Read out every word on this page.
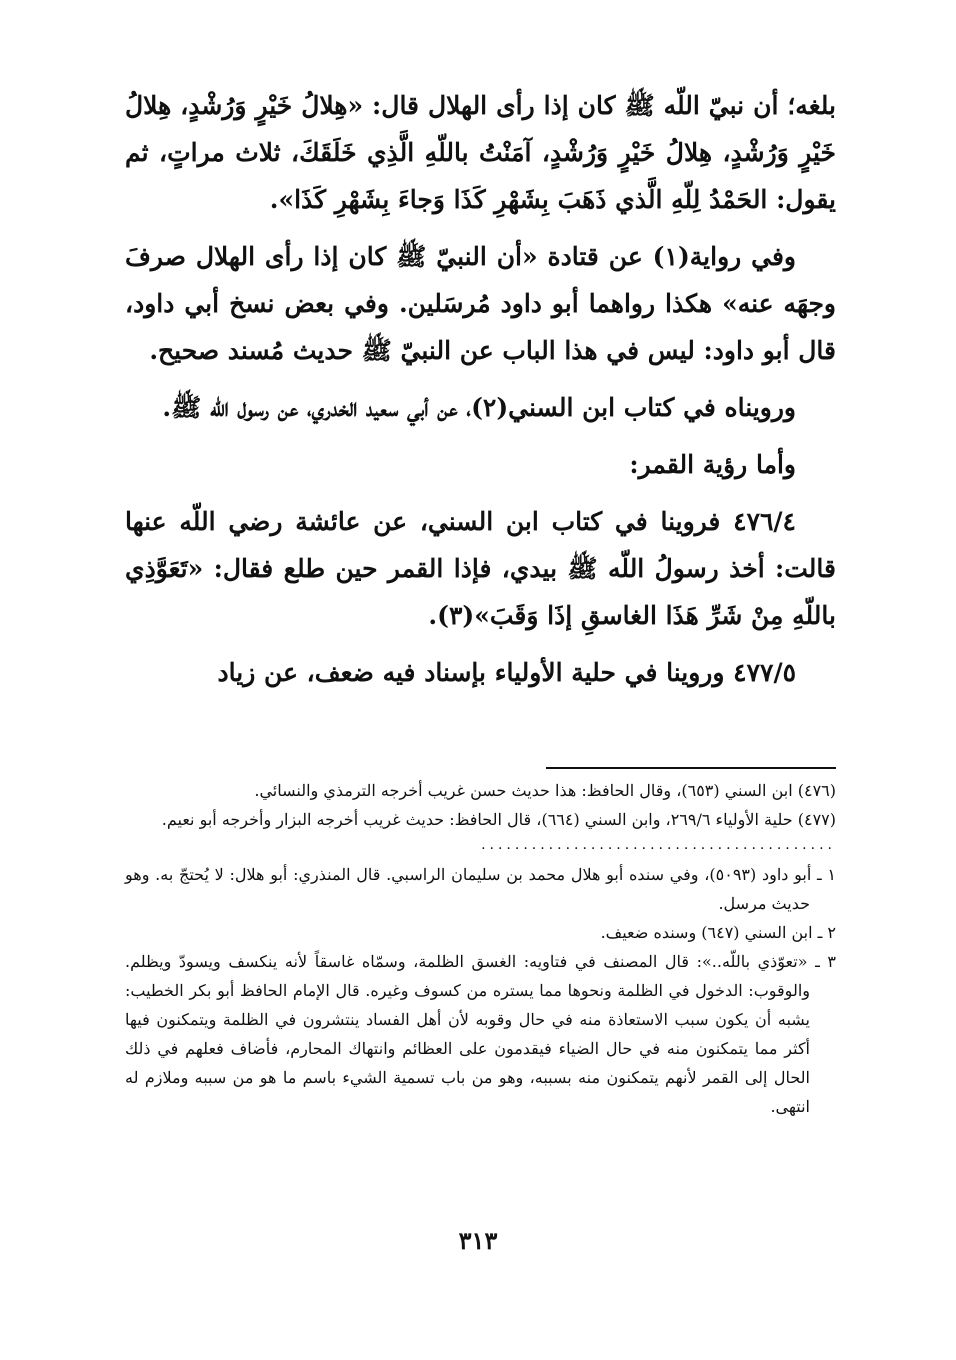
بلغه؛ أن نبيّ اللّه ﷺ كان إذا رأى الهلال قال: «هِلالُ خَيْرٍ وَرُشْدٍ، هِلالُ خَيْرٍ وَرُشْدٍ، هِلالُ خَيْرٍ وَرُشْدٍ، آمَنْتُ باللّهِ الَّذِي خَلَقَكَ، ثلاث مراتٍ، ثم يقول: الحَمْدُ لِلّهِ الَّذي ذَهَبَ بِشَهْرِ كَذَا وَجاءَ بِشَهْرِ كَذَا».

وفي رواية(١) عن قتادة «أن النبيّ ﷺ كان إذا رأى الهلال صرفَ وجهَه عنه» هكذا رواهما أبو داود مُرسَلين. وفي بعض نسخ أبي داود، قال أبو داود: ليس في هذا الباب عن النبيّ ﷺ حديث مُسند صحيح.

ورويناه في كتاب ابن السني(٢)، عن أبي سعيد الخدري، عن رسول اللّه ﷺ.

وأما رؤية القمر:

٤٧٦/٤ فروينا في كتاب ابن السني، عن عائشة رضي اللّه عنها قالت: أخذ رسولُ اللّه ﷺ بيدي، فإذا القمر حين طلع فقال: «تَعَوَّذِي باللّهِ مِنْ شَرِّ هَذَا الغاسقِ إذَا وَقَبَ»(٣).

٤٧٧/٥ وروينا في حلية الأولياء بإسناد فيه ضعف، عن زياد

(٤٧٦) ابن السني (٦٥٣)، وقال الحافظ: هذا حديث حسن غريب أخرجه الترمذي والنسائي.

(٤٧٧) حلية الأولياء ٢٦٩/٦، وابن السني (٦٦٤)، قال الحافظ: حديث غريب أخرجه البزار وأخرجه أبو نعيم.

..........................................

١ ـ أبو داود (٥٠٩٣)، وفي سنده أبو هلال محمد بن سليمان الراسبي. قال المنذري: أبو هلال: لا يُحتجّ به. وهو حديث مرسل.

٢ ـ ابن السني (٦٤٧) وسنده ضعيف.

٣ ـ «تعوّذي باللّه..»: قال المصنف في فتاويه: الغسق الظلمة، وسمّاه غاسقاً لأنه ينكسف ويسودّ ويظلم. والوقوب: الدخول في الظلمة ونحوها مما يستره من كسوف وغيره. قال الإمام الحافظ أبو بكر الخطيب: يشبه أن يكون سبب الاستعاذة منه في حال وقوبه لأن أهل الفساد ينتشرون في الظلمة ويتمكنون فيها أكثر مما يتمكنون منه في حال الضياء فيقدمون على العظائم وانتهاك المحارم، فأضاف فعلهم في ذلك الحال إلى القمر لأنهم يتمكنون منه بسببه، وهو من باب تسمية الشيء باسم ما هو من سببه وملازم له انتهى.

٣١٣
